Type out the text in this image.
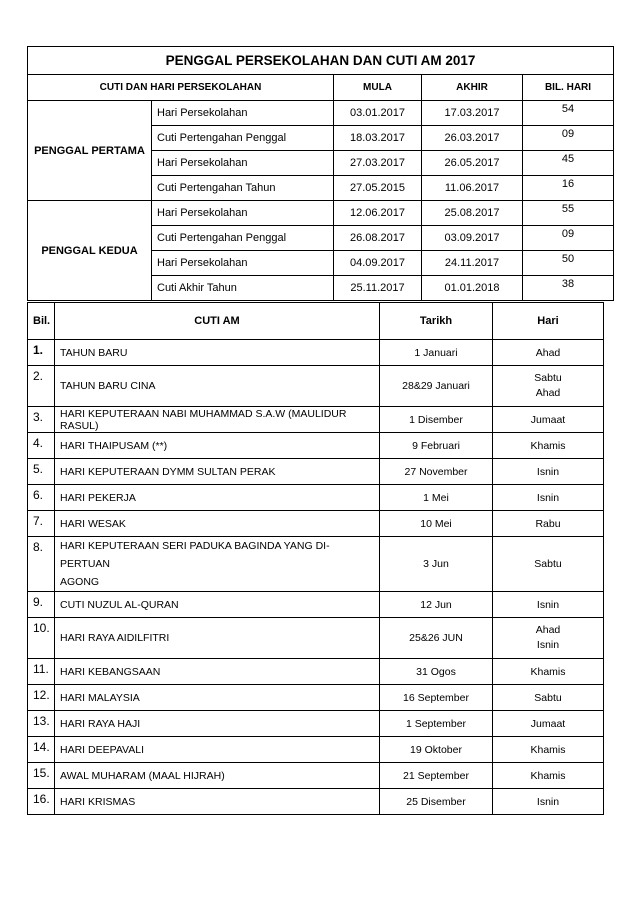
PENGGAL PERSEKOLAHAN DAN CUTI AM 2017				
CUTI DAN HARI PERSEKOLAHAN		MULA	AKHIR	BIL. HARI
PENGGAL PERTAMA	Hari Persekolahan	03.01.2017	17.03.2017	54
	Cuti Pertengahan Penggal	18.03.2017	26.03.2017	09
	Hari Persekolahan	27.03.2017	26.05.2017	45
	Cuti Pertengahan Tahun	27.05.2015	11.06.2017	16
PENGGAL KEDUA	Hari Persekolahan	12.06.2017	25.08.2017	55
	Cuti Pertengahan Penggal	26.08.2017	03.09.2017	09
	Hari Persekolahan	04.09.2017	24.11.2017	50
	Cuti Akhir Tahun	25.11.2017	01.01.2018	38
Bil.	CUTI AM	Tarikh	Hari
1.	TAHUN BARU	1 Januari	Ahad
2.	TAHUN BARU CINA	28&29 Januari	Sabtu
Ahad

3.	HARI KEPUTERAAN NABI MUHAMMAD S.A.W (MAULIDUR RASUL)	1 Disember	Jumaat
4.	HARI THAIPUSAM (**)	9 Februari	Khamis
5.	HARI KEPUTERAAN DYMM SULTAN PERAK	27 November	Isnin
6.	HARI PEKERJA	1 Mei	Isnin
7.	HARI WESAK	10 Mei	Rabu
8.	HARI KEPUTERAAN SERI PADUKA BAGINDA YANG DI-PERTUAN
AGONG	3 Jun	Sabtu
9.	CUTI NUZUL AL-QURAN	12 Jun	Isnin
10.	HARI RAYA AIDILFITRI	25&26 JUN	Ahad
Isnin

11.	HARI KEBANGSAAN	31 Ogos	Khamis
12.	HARI MALAYSIA	16 September	Sabtu
13.	HARI RAYA HAJI	1 September	Jumaat
14.	HARI DEEPAVALI	19 Oktober	Khamis
15.	AWAL MUHARAM (MAAL HIJRAH)	21 September	Khamis
16.	HARI KRISMAS	25 Disember	Isnin
